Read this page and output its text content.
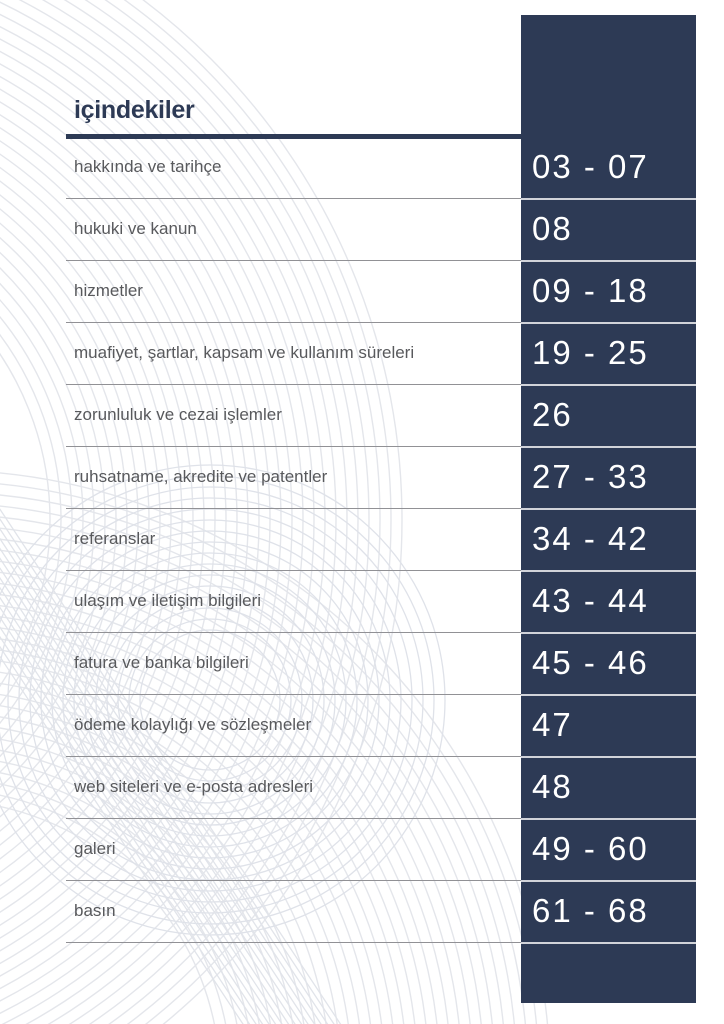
içindekiler
hakkında ve tarihçe	03 - 07
hukuki ve kanun	08
hizmetler	09 - 18
muafiyet, şartlar, kapsam ve kullanım süreleri	19 - 25
zorunluluk ve cezai işlemler	26
ruhsatname, akredite ve patentler	27 - 33
referanslar	34 - 42
ulaşım ve iletişim bilgileri	43 - 44
fatura ve banka bilgileri	45 - 46
ödeme kolaylığı ve sözleşmeler	47
web siteleri ve e-posta adresleri	48
galeri	49 - 60
basın	61 - 68
